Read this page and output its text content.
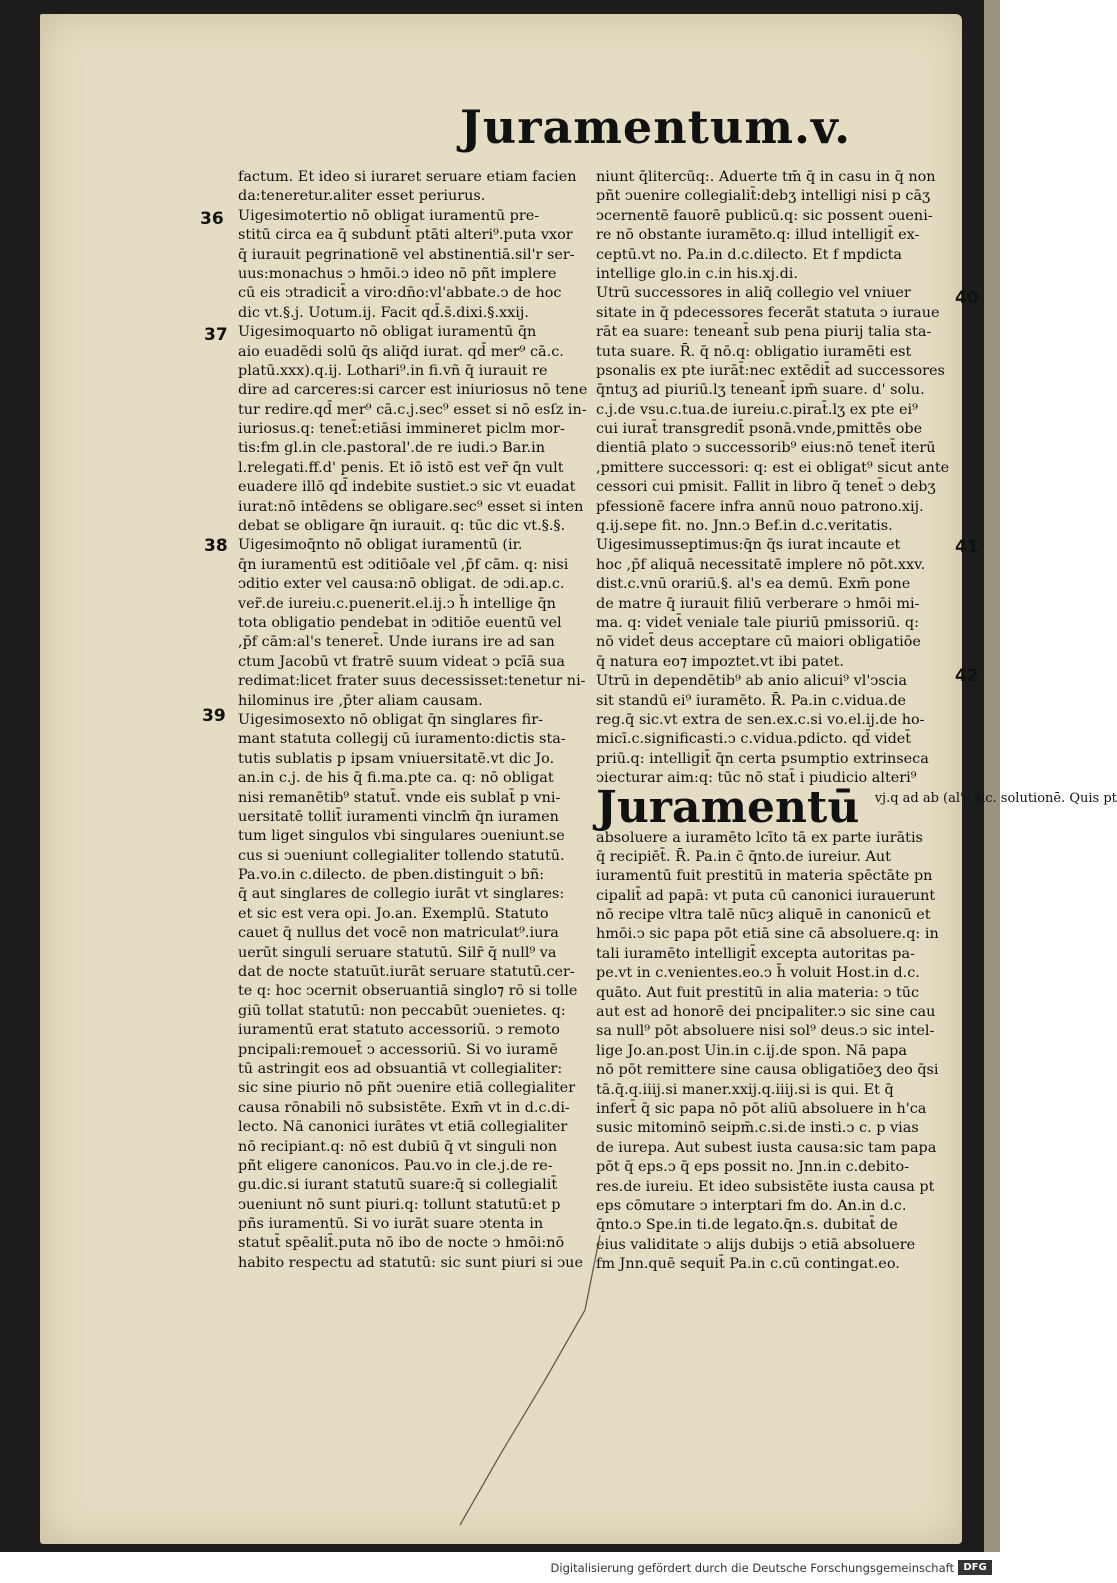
Juramentum.v.
factum. Et ideo si iuraret seruare etiam facien
da:teneretur.aliter esset periurus.
Uigesimotertio nō obligat iuramentū pre-
stitū circa ea q̄ subdunt̄ ptāti alteri⁹.puta vxor
q̄ iurauit pegrinationē vel abstinentiā.sil'r ser-
uus:monachus ↄ hmōi.ↄ ideo nō pñt implere
cū eis ↄtradicit̄ a viro:dn̄o:vl'abbate.ↄ de hoc
dic vt.§.j. Uotum.ij. Facit qd̄.s̄.dixi.§.xxij.
Uigesimoquarto nō obligat iuramentū q̄n
aio euadēdi solū q̄s aliq̄d iurat. qd̄ mer⁹ cā.c.
platū.xxx).q.ij. Lothari⁹.in fi.vñ q̄ iurauit re
dire ad carceres:si carcer est iniuriosus nō tene
tur redire.qd̄ mer⁹ cā.c.j.sec⁹ esset si nō esſz in-
iuriosus.q: tenet̄:etiāsi immineret piclm mor-
tis:fm gl.in cle.pastoral'.de re iudi.ↄ Bar.in
l.relegati.ff.d' penis. Et iō istō est ver̃ q̄n vult
euadere illō qd̄ indebite sustiet.ↄ sic vt euadat
iurat:nō intēdens se obligare.sec⁹ esset si inten
debat se obligare q̄n iurauit. q: tūc dic vt.§.§.
Uigesimoq̄nto nō obligat iuramentū (ir.
q̄n iuramentū est ↄditiōale vel ,p̄f cām. q: nisi
ↄditio exter vel causa:nō obligat. de ↄdi.ap.c.
ver̃.de iureiu.c.puenerit.el.ij.ↄ h̄ intellige q̄n
tota obligatio pendebat in ↄditiōe euentū vel
,p̄f cām:al's teneret̄. Unde iurans ire ad san
ctum Jacobū vt fratrē suum videat ↄ pcīā sua
redimat:licet frater suus decessisset:tenetur ni-
hilominus ire ,p̄ter aliam causam.
Uigesimosexto nō obligat q̄n singlares fir-
mant statuta collegij cū iuramento:dictis sta-
tutis sublatis p ipsam vniuersitatē.vt dic Jo.
an.in c.j. de his q̄ fi.ma.pte ca. q: nō obligat
nisi remanētib⁹ statut̄. vnde eis sublat̄ p vni-
uersitatē tollit̄ iuramenti vinclm̄ q̄n iuramen
tum liget singulos vbi singulares ↄueniunt.se
cus si ↄueniunt collegialiter tollendo statutū.
Pa.vo.in c.dilecto. de pben.distinguit ↄ bñ:
q̄ aut singlares de collegio iurāt vt singlares:
et sic est vera opi. Jo.an. Exemplū. Statuto
cauet q̄ nullus det vocē non matriculat⁹.iura
uerūt singuli seruare statutū. Silr̄ q̄ null⁹ va
dat de nocte statuūt.iurāt seruare statutū.cer-
te q: hoc ↄcernit obseruantiā singlo⁊ rō si tolle
giū tollat statutū: non peccabūt ↄuenietes. q:
iuramentū erat statuto accessoriū. ↄ remoto
pncipali:remouet̄ ↄ accessoriū. Si vo iuramē
tū astringit eos ad obsuantiā vt collegialiter:
sic sine piurio nō pñt ↄuenire etiā collegialiter
causa rōnabili nō subsistēte. Exm̄ vt in d.c.di-
lecto. Nā canonici iurātes vt etiā collegialiter
nō recipiant.q: nō est dubiū q̄ vt singuli non
pñt eligere canonicos. Pau.vo in cle.j.de re-
gu.dic.si iurant statutū suare:q̄ si collegialit̄
ↄueniunt nō sunt piuri.q: tollunt statutū:et p
pñs iuramentū. Si vo iurāt suare ↄtenta in
statut̄ spēalit̄.puta nō ibo de nocte ↄ hmōi:nō
habito respectu ad statutū: sic sunt piuri si ↄue
niunt q̄litercūq:. Aduerte tm̄ q̄ in casu in q̄ non
pñt ↄuenire collegialit̄:debʒ intelligi nisi p cāʒ
ↄcernentē fauorē publicū.q: sic possent ↄueni-
re nō obstante iuramēto.q: illud intelligit̄ ex-
ceptū.vt no. Pa.in d.c.dilecto. Et f mpdicta
intellige glo.in c.in his.xj.di.
Utrū successores in aliq̄ collegio vel vniuer
sitate in q̄ pdecessores fecerāt statuta ↄ iuraue
rāt ea suare: teneant̄ sub pena piurij talia sta-
tuta suare. R̄. q̄ nō.q: obligatio iuramēti est
psonalis ex pte iurāt̄:nec extēdit̄ ad successores
q̄ntuʒ ad piuriū.lʒ teneant̄ ipm̄ suare. d' solu.
c.j.de vsu.c.tua.de iureiu.c.pirat̄.lʒ ex pte ei⁹
cui iurat̄ transgredit̄ psonā.vnde,pmittēs obe
dientiā plato ↄ successorib⁹ eius:nō tenet̄ iterū
,pmittere successori: q: est ei obligat⁹ sicut ante
cessori cui pmisit. Fallit in libro q̄ tenet̄ ↄ debʒ
pfessionē facere infra annū nouo patrono.xij.
q.ij.sepe fit. no. Jnn.ↄ Bef.in d.c.veritatis.
Uigesimusseptimus:q̄n q̄s iurat incaute et
hoc ,p̄f aliquā necessitatē implere nō pōt.xxv.
dist.c.vnū orariū.§. al's ea demū. Exm̄ pone
de matre q̄ iurauit filiū verberare ↄ hmōi mi-
ma. q: videt̄ veniale tale piuriū pmissoriū. q:
nō videt̄ deus acceptare cū maiori obligatiōe
q̄ natura eo⁊ impoztet.vt ibi patet.
Utrū in dependētib⁹ ab anio alicui⁹ vl'ↄscia
sit standū ei⁹ iuramēto. R̄. Pa.in c.vidua.de
reg.q̄ sic.vt extra de sen.ex.c.si vo.el.ij.de ho-
micī.c.significasti.ↄ c.vidua.pdicto. qd̄ videt̄
priū.q: intelligit̄ q̄n certa psumptio extrinseca
ↄiecturar aim:q: tūc nō stat̄ i piudicio alteri⁹
Juramentū $^{vj.q ad ab (al's sic. solutionē. Quis pt}$
absoluere a iuramēto lcīto tā ex parte iurātis
q̄ recipiēt̄. R̄. Pa.in c̄ q̄nto.de iureiur. Aut
iuramentū fuit prestitū in materia spēctāte pn
cipalit̄ ad papā: vt puta cū canonici iurauerunt
nō recipe vltra talē nūcȝ aliquē in canonicū et
hmōi.ↄ sic papa pōt etiā sine cā absoluere.q: in
tali iuramēto intelligit̄ excepta autoritas pa-
pe.vt in c.venientes.eo.ↄ h̄ voluit Host.in d.c.
quāto. Aut fuit prestitū in alia materia: ↄ tūc
aut est ad honorē dei pncipaliter.ↄ sic sine cau
sa null⁹ pōt absoluere nisi sol⁹ deus.ↄ sic intel-
lige Jo.an.post Uin.in c.ij.de spon. Nā papa
nō pōt remittere sine causa obligatiōeʒ deo q̄si
tā.q̄.q.iiij.si maner.xxij.q.iiij.si is qui. Et q̄
infert̄ q̄ sic papa nō pōt aliū absoluere in h'ca
susic mitominō seipm̄.c.si.de insti.ↄ c. p vias
de iurepa. Aut subest iusta causa:sic tam papa
pōt q̄ eps.ↄ q̄ eps possit no. Jnn.in c.debito-
res.de iureiu. Et ideo subsistēte iusta causa pt
eps cōmutare ↄ interptari fm do. An.in d.c.
q̄nto.ↄ Spe.in ti.de legato.q̄n.s. dubitat̄ de
eius validitate ↄ alijs dubijs ↄ etiā absoluere
fm Jnn.quē sequit̄ Pa.in c.cū contingat.eo.
36
37
38
39
40
41
42
Digitalisierung gefördert durch die Deutsche Forschungsgemeinschaft DFG
